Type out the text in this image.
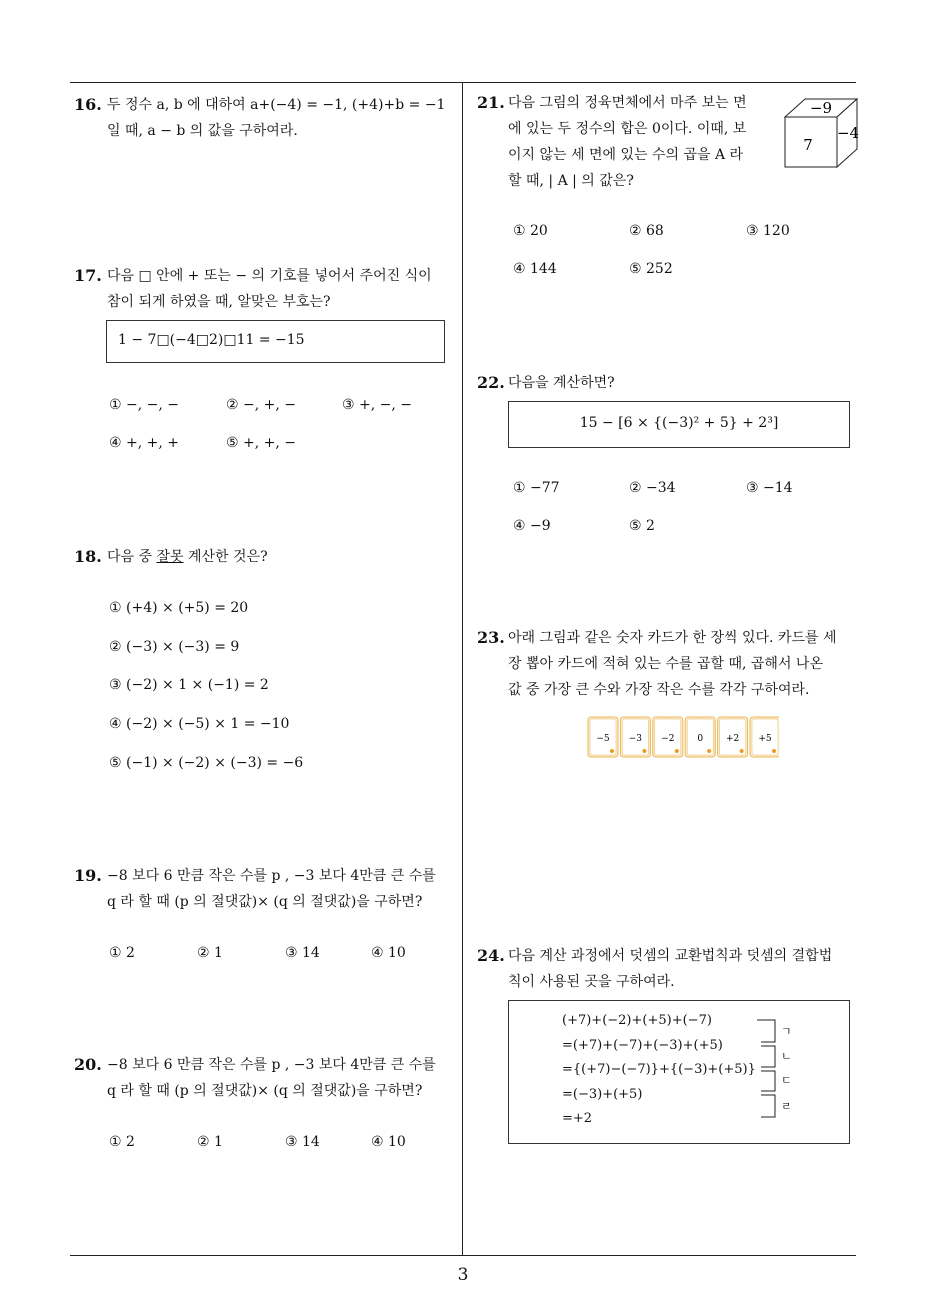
16. 두 정수 a, b 에 대하여 a+(−4) = −1, (+4)+b = −1
일 때, a − b 의 값을 구하여라.
17. 다음 □ 안에 + 또는 − 의 기호를 넣어서 주어진 식이
참이 되게 하였을 때, 알맞은 부호는?
1 − 7□(−4□2)□11 = −15
① −, −, −	② −, +, −	③ +, −, −
④ +, +, +	⑤ +, +, −
18. 다음 중 잘못 계산한 것은?
① (+4) × (+5) = 20
② (−3) × (−3) = 9
③ (−2) × 1 × (−1) = 2
④ (−2) × (−5) × 1 = −10
⑤ (−1) × (−2) × (−3) = −6
19. −8 보다 6 만큼 작은 수를 p , −3 보다 4만큼 큰 수를
q 라 할 때 (p 의 절댓값)× (q 의 절댓값)을 구하면?
① 2	② 1	③ 14	④ 10
20. −8 보다 6 만큼 작은 수를 p , −3 보다 4만큼 큰 수를
q 라 할 때 (p 의 절댓값)× (q 의 절댓값)을 구하면?
① 2	② 1	③ 14	④ 10
21. 다음 그림의 정육면체에서 마주 보는 면
에 있는 두 정수의 합은 0이다. 이때, 보
이지 않는 세 면에 있는 수의 곱을 A 라
할 때, | A | 의 값은?
−9
7
−4
① 20	② 68	③ 120
④ 144	⑤ 252
22. 다음을 계산하면?
15 − [6 × {(−3)² + 5} + 2³]
① −77	② −34	③ −14
④ −9	⑤ 2
23. 아래 그림과 같은 숫자 카드가 한 장씩 있다. 카드를 세
장 뽑아 카드에 적혀 있는 수를 곱할 때, 곱해서 나온
값 중 가장 큰 수와 가장 작은 수를 각각 구하여라.
−5 −3 −2	0	+2 +5
24. 다음 계산 과정에서 덧셈의 교환법칙과 덧셈의 결합법
칙이 사용된 곳을 구하여라.
(+7)+(−2)+(+5)+(−7)
=(+7)+(−7)+(−3)+(+5)
={(+7)−(−7)}+{(−3)+(+5)}
=(−3)+(+5)
=+2
ㄱ
ㄴ
ㄷ
ㄹ
3
